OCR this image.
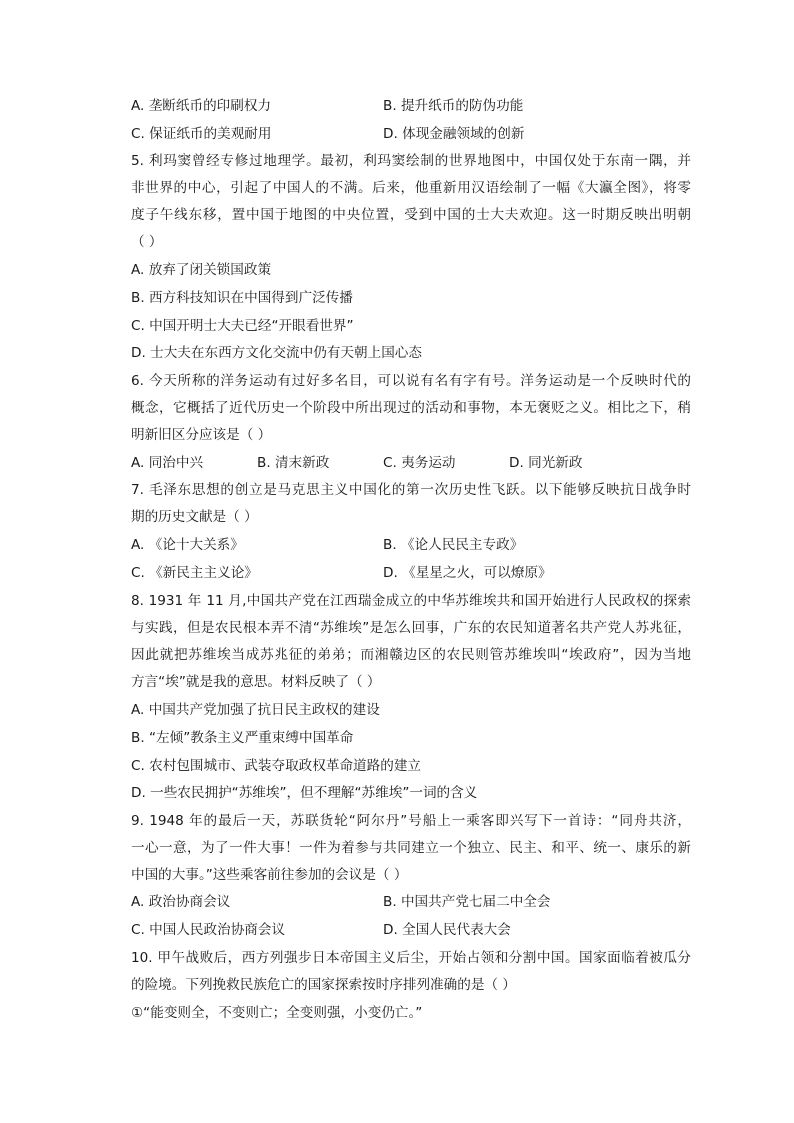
A. 垄断纸币的印刷权力	B. 提升纸币的防伪功能
C. 保证纸币的美观耐用	D. 体现金融领域的创新
5. 利玛窦曾经专修过地理学。最初，利玛窦绘制的世界地图中，中国仅处于东南一隅，并
非世界的中心，引起了中国人的不满。后来，他重新用汉语绘制了一幅《大瀛全图》，将零
度子午线东移，置中国于地图的中央位置，受到中国的士大夫欢迎。这一时期反映出明朝
（ ）
A. 放弃了闭关锁国政策
B. 西方科技知识在中国得到广泛传播
C. 中国开明士大夫已经“开眼看世界”
D. 士大夫在东西方文化交流中仍有天朝上国心态
6. 今天所称的洋务运动有过好多名目，可以说有名有字有号。洋务运动是一个反映时代的
概念，它概括了近代历史一个阶段中所出现过的活动和事物，本无褒贬之义。相比之下，稍
明新旧区分应该是（ ）
A. 同治中兴	B. 清末新政	C. 夷务运动	D. 同光新政
7. 毛泽东思想的创立是马克思主义中国化的第一次历史性飞跃。以下能够反映抗日战争时
期的历史文献是（ ）
A. 《论十大关系》	B. 《论人民民主专政》
C. 《新民主主义论》	D. 《星星之火，可以燎原》
8. 1931 年 11 月,中国共产党在江西瑞金成立的中华苏维埃共和国开始进行人民政权的探索
与实践，但是农民根本弄不清“苏维埃”是怎么回事，广东的农民知道著名共产党人苏兆征，
因此就把苏维埃当成苏兆征的弟弟；而湘赣边区的农民则管苏维埃叫“埃政府”，因为当地
方言“埃”就是我的意思。材料反映了（ ）
A. 中国共产党加强了抗日民主政权的建设
B. “左倾”教条主义严重束缚中国革命
C. 农村包围城市、武装夺取政权革命道路的建立
D. 一些农民拥护“苏维埃”，但不理解“苏维埃”一词的含义
9. 1948 年的最后一天，苏联货轮“阿尔丹”号船上一乘客即兴写下一首诗：“同舟共济，
一心一意，为了一件大事！一件为着参与共同建立一个独立、民主、和平、统一、康乐的新
中国的大事。”这些乘客前往参加的会议是（ ）
A. 政治协商会议	B. 中国共产党七届二中全会
C. 中国人民政治协商会议	D. 全国人民代表大会
10. 甲午战败后，西方列强步日本帝国主义后尘，开始占领和分割中国。国家面临着被瓜分
的险境。下列挽救民族危亡的国家探索按时序排列准确的是（ ）
①“能变则全，不变则亡；全变则强，小变仍亡。”
